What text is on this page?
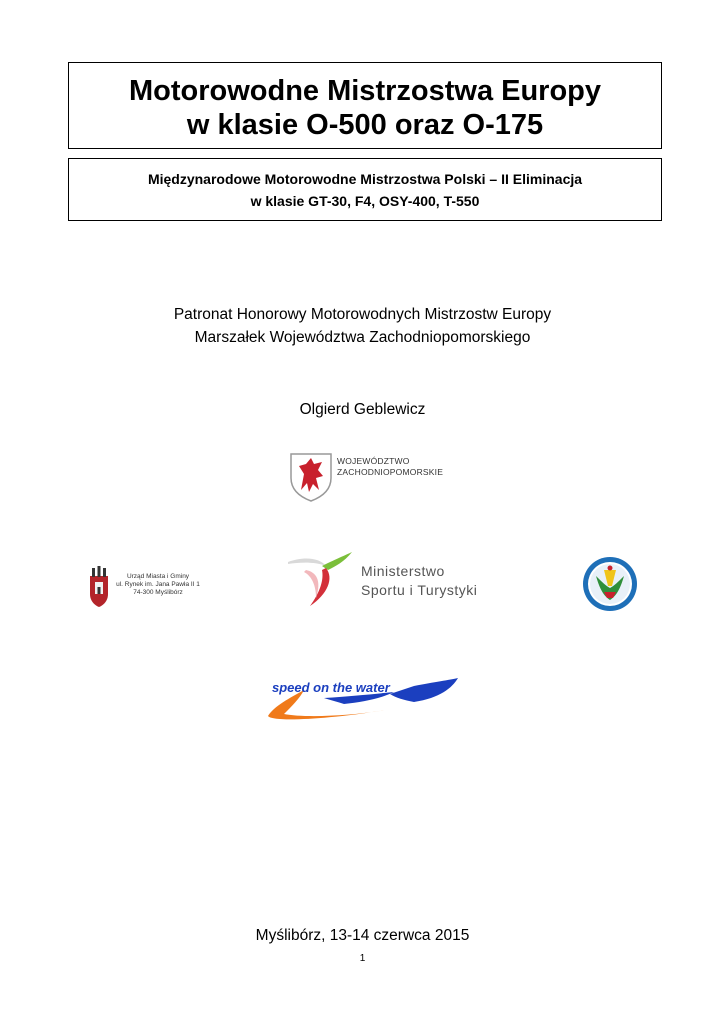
Motorowodne Mistrzostwa Europy
w klasie O-500 oraz O-175
Międzynarodowe Motorowodne Mistrzostwa Polski – II Eliminacja
w klasie GT-30, F4, OSY-400, T-550
Patronat Honorowy Motorowodnych Mistrzostw Europy
Marszałek Województwa Zachodniopomorskiego
Olgierd Geblewicz
WOJEWÓDZTWO
ZACHODNIOPOMORSKIE
Urząd Miasta i Gminy
ul. Rynek im. Jana Pawła II 1
74-300 Myślibórz
Ministerstwo
Sportu i Turystyki
speed on the water
Myślibórz, 13-14 czerwca 2015
1
